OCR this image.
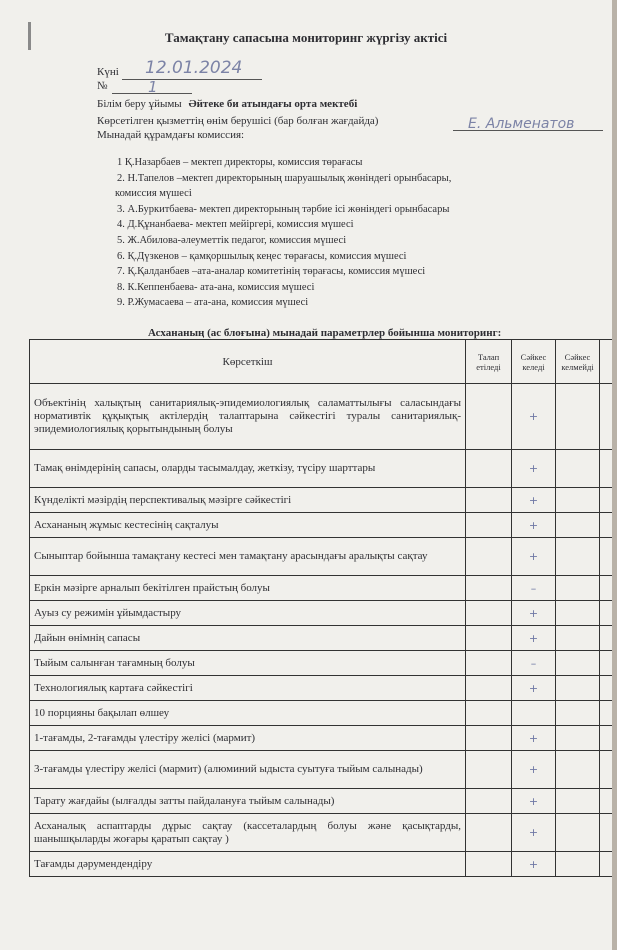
Тамақтану сапасына мониторинг жүргізу актісі
Күні 12.01.2024
№	1
Білім беру ұйымы Әйтеке би атындағы орта мектебі
Көрсетілген қызметтің өнім берушісі (бар болған жағдайда)	Е. Альменатов
Мынадай құрамдағы комиссия:
1 Қ.Назарбаев – мектеп директоры, комиссия төрағасы
2. Н.Тапелов –мектеп директорының шаруашылық жөніндегі орынбасары,
комиссия мүшесі
3. А.Буркитбаева- мектеп директорының тәрбие ісі жөніндегі орынбасары
4. Д.Құнанбаева- мектеп мейіргері, комиссия мүшесі
5. Ж.Абилова-әлеуметтік педагог, комиссия мүшесі
6. Қ.Дүзкенов – қамқоршылық кеңес төрағасы, комиссия мүшесі
7. Қ.Қалданбаев –ата-аналар комитетінің төрағасы, комиссия мүшесі
8. К.Кеппенбаева- ата-ана, комиссия мүшесі
9. Р.Жумасаева – ата-ана, комиссия мүшесі
Асхананың (ас блоғына) мынадай параметрлер бойынша мониторинг:
Көрсеткіш	Талап етіледі	Сәйкес келеді	Сәйкес келмейді	
Объектінің халықтың санитариялық-эпидемиологиялық саламаттылығы саласындағы нормативтік құқықтық актілердің талаптарына сәйкестігі туралы санитариялық-эпидемиологиялық қорытындының болуы		+		
Тамақ өнімдерінің сапасы, оларды тасымалдау, жеткізу, түсіру шарттары		+		
Күнделікті мәзірдің перспективалық мәзірге сәйкестігі		+		
Асхананың жұмыс кестесінің сақталуы		+		
Сыныптар бойынша тамақтану кестесі мен тамақтану арасындағы аралықты сақтау		+		
Еркін мәзірге арналып бекітілген прайстың болуы		–		
Ауыз су режимін ұйымдастыру		+		
Дайын өнімнің сапасы		+		
Тыйым салынған тағамның болуы		–		
Технологиялық картаға сәйкестігі		+		
10 порцияны бақылап өлшеу				
1-тағамды, 2-тағамды үлестіру желісі (мармит)		+		
3-тағамды үлестіру желісі (мармит) (алюминий ыдыста суытуға тыйым салынады)		+		
Тарату жағдайы (ылғалды затты пайдалануға тыйым салынады)		+		
Асханалық аспаптарды дұрыс сақтау (кассеталардың болуы және қасықтарды, шанышқыларды жоғары қаратып сақтау )		+		
Тағамды дәрумендендіру		+		
